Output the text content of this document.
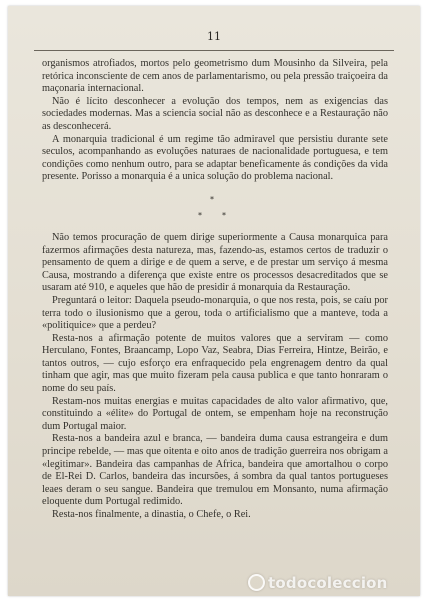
11

organismos atrofiados, mortos pelo geometrismo dum Mousinho da Silveira, pela retórica inconsciente de cem anos de parlamentarismo, ou pela pressão traiçoeira da maçonaria internacional.

Não é lícito desconhecer a evolução dos tempos, nem as exigencias das sociedades modernas. Mas a sciencia social não as desconhece e a Restauração não as desconhecerá.

A monarquia tradicional é um regime tão admiravel que persistiu durante sete seculos, acompanhando as evoluções naturaes de nacionalidade portuguesa, e tem condições como nenhum outro, para se adaptar beneficamente ás condições da vida presente. Porisso a monarquia é a unica solução do problema nacional.

*
*	*

Não temos procuração de quem dirige superiormente a Causa monarquica para fazermos afirmações desta natureza, mas, fazendo-as, estamos certos de traduzir o pensamento de quem a dirige e de quem a serve, e de prestar um serviço á mesma Causa, mostrando a diferença que existe entre os processos desacreditados que se usaram até 910, e aqueles que hão de presidir á monarquia da Restauração.

Preguntará o leitor: Daquela pseudo-monarquia, o que nos resta, pois, se caíu por terra todo o ilusionismo que a gerou, toda o artificialismo que a manteve, toda a «politiquice» que a perdeu?

Resta-nos a afirmação potente de muitos valores que a serviram — como Herculano, Fontes, Braancamp, Lopo Vaz, Seabra, Dias Ferreira, Hintze, Beirão, e tantos outros, — cujo esforço era enfraquecido pela engrenagem dentro da qual tinham que agir, mas que muito fizeram pela causa publica e que tanto honraram o nome do seu país.

Restam-nos muitas energias e muitas capacidades de alto valor afirmativo, que, constituindo a «élite» do Portugal de ontem, se empenham hoje na reconstrução dum Portugal maior.

Resta-nos a bandeira azul e branca, — bandeira duma causa estrangeira e dum principe rebelde, — mas que oitenta e oito anos de tradição guerreira nos obrigam a «legitimar». Bandeira das campanhas de Africa, bandeira que amortalhou o corpo de El-Rei D. Carlos, bandeira das incursões, á sombra da qual tantos portugueses leaes deram o seu sangue. Bandeira que tremulou em Monsanto, numa afirmação eloquente dum Portugal redimido.

Resta-nos finalmente, a dinastia, o Chefe, o Rei.

todocoleccion
